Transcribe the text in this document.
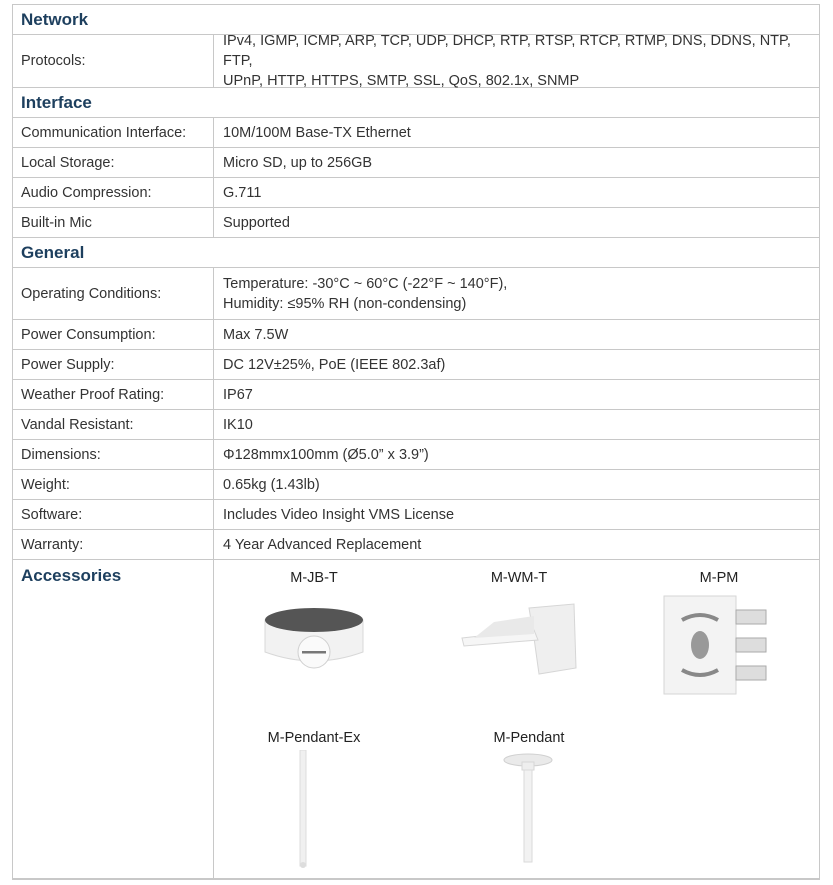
Network
Protocols:
IPv4, IGMP, ICMP, ARP, TCP, UDP, DHCP, RTP, RTSP, RTCP, RTMP, DNS, DDNS, NTP, FTP,
UPnP, HTTP, HTTPS, SMTP, SSL, QoS, 802.1x, SNMP
Interface
Communication Interface:	10M/100M Base-TX Ethernet
Local Storage:	Micro SD, up to 256GB
Audio Compression:	G.711
Built-in Mic	Supported
General
Operating Conditions:
Temperature: -30°C ~ 60°C (-22°F ~ 140°F),
Humidity: ≤95% RH (non-condensing)
Power Consumption:	Max 7.5W
Power Supply:	DC 12V±25%, PoE (IEEE 802.3af)
Weather Proof Rating:	IP67
Vandal Resistant:	IK10
Dimensions:	Φ128mmx100mm (Ø5.0” x 3.9”)
Weight:	0.65kg (1.43lb)
Software:	Includes Video Insight VMS License
Warranty:	4 Year Advanced Replacement
Accessories	M-JB-T	M-WM-T	M-PM
M-Pendant-Ex	M-Pendant
